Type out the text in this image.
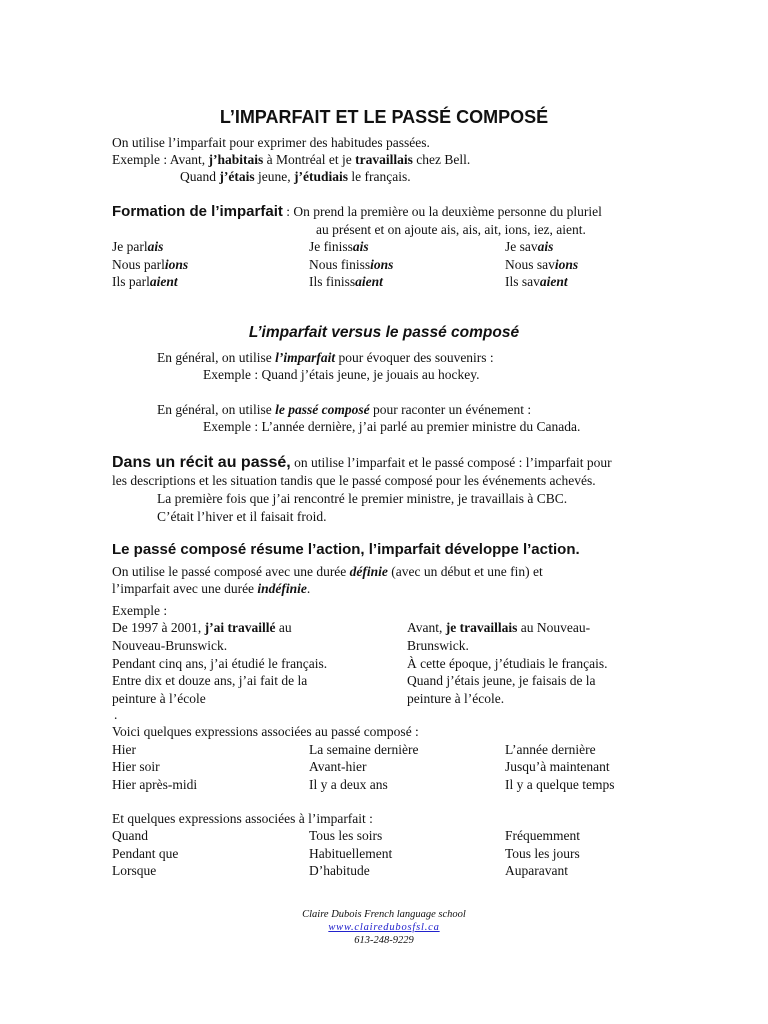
L’IMPARFAIT ET LE PASSÉ COMPOSÉ
On utilise l’imparfait pour exprimer des habitudes passées.
Exemple : Avant, j’habitais à Montréal et je travaillais chez Bell.
Quand j’étais jeune, j’étudiais le français.
Formation de l’imparfait : On prend la première ou la deuxième personne du pluriel
au présent et on ajoute ais, ais, ait, ions, iez, aient.
Je parlais
Nous parlions
Ils parlaient
Je finissais
Nous finissions
Ils finissaient
Je savais
Nous savions
Ils savaient
L’imparfait versus le passé composé
En général, on utilise l’imparfait pour évoquer des souvenirs :
Exemple : Quand j’étais jeune, je jouais au hockey.
En général, on utilise le passé composé pour raconter un événement :
Exemple : L’année dernière, j’ai parlé au premier ministre du Canada.
Dans un récit au passé, on utilise l’imparfait et le passé composé : l’imparfait pour
les descriptions et les situation tandis que le passé composé pour les événements achevés.
La première fois que j’ai rencontré le premier ministre, je travaillais à CBC.
C’était l’hiver et il faisait froid.
Le passé composé résume l’action, l’imparfait développe l’action.
On utilise le passé composé avec une durée définie (avec un début et une fin) et
l’imparfait avec une durée indéfinie.
Exemple :
De 1997 à 2001, j’ai travaillé au
Nouveau-Brunswick.
Pendant cinq ans, j’ai étudié le français.
Entre dix et douze ans, j’ai fait de la
peinture à l’école
Avant, je travaillais au Nouveau-
Brunswick.
À cette époque, j’étudiais le français.
Quand j’étais jeune, je faisais de la
peinture à l’école.
.
Voici quelques expressions associées au passé composé :
Hier
Hier soir
Hier après-midi
La semaine dernière
Avant-hier
Il y a deux ans
L’année dernière
Jusqu’à maintenant
Il y a quelque temps
Et quelques expressions associées à l’imparfait :
Quand
Pendant que
Lorsque
Tous les soirs
Habituellement
D’habitude
Fréquemment
Tous les jours
Auparavant
Claire Dubois French language school
www.clairedubosfsl.ca
613-248-9229
